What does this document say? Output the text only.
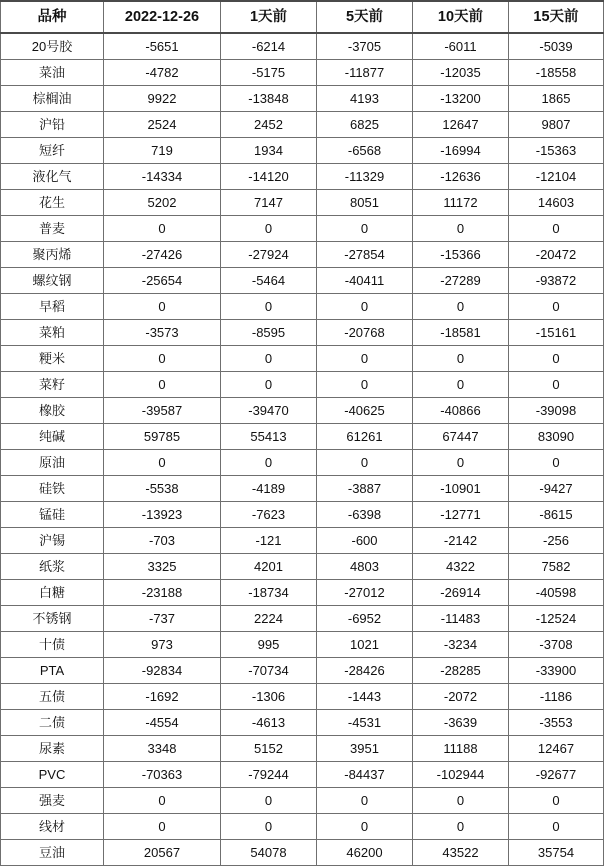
品种	2022-12-26	1天前	5天前	10天前	15天前
20号胶	-5651	-6214	-3705	-6011	-5039
菜油	-4782	-5175	-11877	-12035	-18558
棕榈油	9922	-13848	4193	-13200	1865
沪铅	2524	2452	6825	12647	9807
短纤	719	1934	-6568	-16994	-15363
液化气	-14334	-14120	-11329	-12636	-12104
花生	5202	7147	8051	11172	14603
普麦	0	0	0	0	0
聚丙烯	-27426	-27924	-27854	-15366	-20472
螺纹钢	-25654	-5464	-40411	-27289	-93872
早稻	0	0	0	0	0
菜粕	-3573	-8595	-20768	-18581	-15161
粳米	0	0	0	0	0
菜籽	0	0	0	0	0
橡胶	-39587	-39470	-40625	-40866	-39098
纯碱	59785	55413	61261	67447	83090
原油	0	0	0	0	0
硅铁	-5538	-4189	-3887	-10901	-9427
锰硅	-13923	-7623	-6398	-12771	-8615
沪锡	-703	-121	-600	-2142	-256
纸浆	3325	4201	4803	4322	7582
白糖	-23188	-18734	-27012	-26914	-40598
不锈钢	-737	2224	-6952	-11483	-12524
十债	973	995	1021	-3234	-3708
PTA	-92834	-70734	-28426	-28285	-33900
五债	-1692	-1306	-1443	-2072	-1186
二债	-4554	-4613	-4531	-3639	-3553
尿素	3348	5152	3951	11188	12467
PVC	-70363	-79244	-84437	-102944	-92677
强麦	0	0	0	0	0
线材	0	0	0	0	0
豆油	20567	54078	46200	43522	35754
